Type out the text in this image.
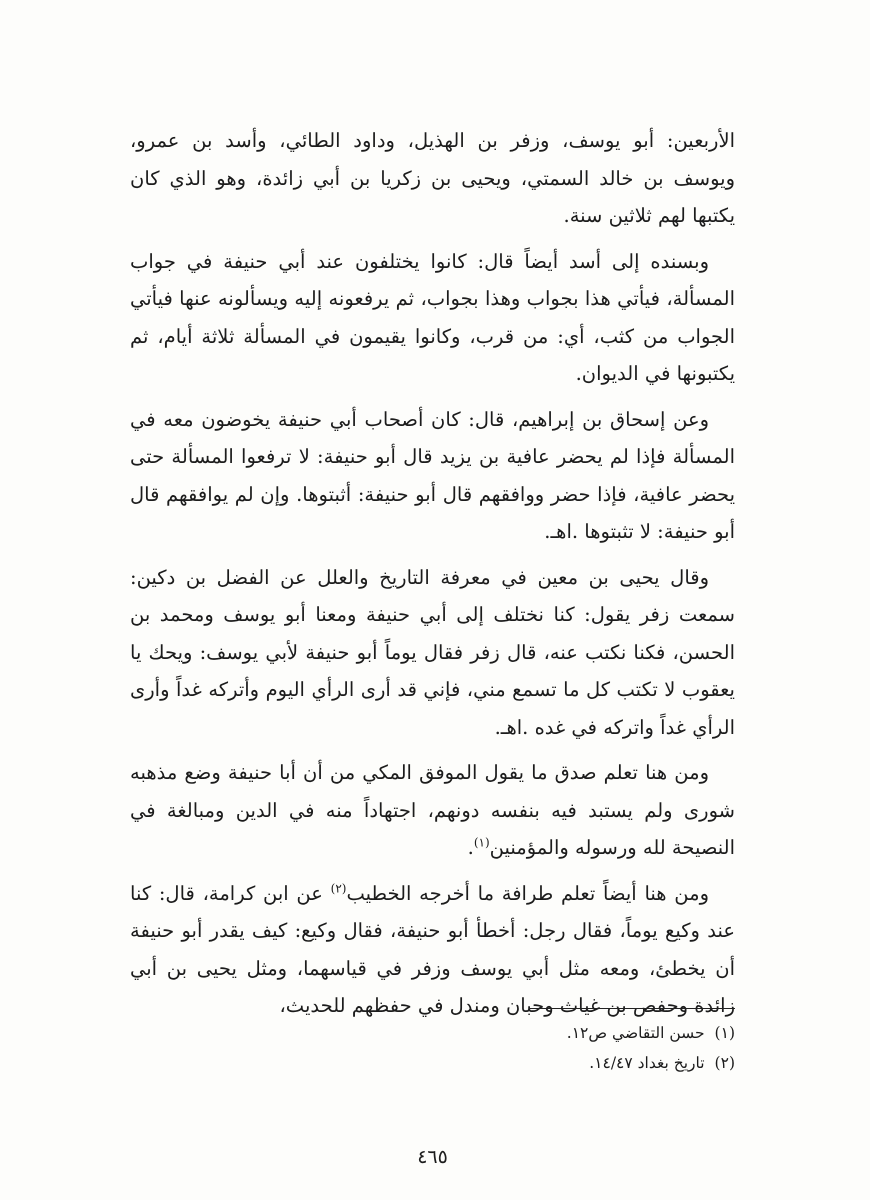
الأربعين: أبو يوسف، وزفر بن الهذيل، وداود الطائي، وأسد بن عمرو، ويوسف بن خالد السمتي، ويحيى بن زكريا بن أبي زائدة، وهو الذي كان يكتبها لهم ثلاثين سنة.

وبسنده إلى أسد أيضاً قال: كانوا يختلفون عند أبي حنيفة في جواب المسألة، فيأتي هذا بجواب وهذا بجواب، ثم يرفعونه إليه ويسألونه عنها فيأتي الجواب من كثب، أي: من قرب، وكانوا يقيمون في المسألة ثلاثة أيام، ثم يكتبونها في الديوان.

وعن إسحاق بن إبراهيم، قال: كان أصحاب أبي حنيفة يخوضون معه في المسألة فإذا لم يحضر عافية بن يزيد قال أبو حنيفة: لا ترفعوا المسألة حتى يحضر عافية، فإذا حضر ووافقهم قال أبو حنيفة: أثبتوها. وإن لم يوافقهم قال أبو حنيفة: لا تثبتوها .اهـ.

وقال يحيى بن معين في معرفة التاريخ والعلل عن الفضل بن دكين: سمعت زفر يقول: كنا نختلف إلى أبي حنيفة ومعنا أبو يوسف ومحمد بن الحسن، فكنا نكتب عنه، قال زفر فقال يوماً أبو حنيفة لأبي يوسف: ويحك يا يعقوب لا تكتب كل ما تسمع مني، فإني قد أرى الرأي اليوم وأتركه غداً وأرى الرأي غداً واتركه في غده .اهـ.

ومن هنا تعلم صدق ما يقول الموفق المكي من أن أبا حنيفة وضع مذهبه شورى ولم يستبد فيه بنفسه دونهم، اجتهاداً منه في الدين ومبالغة في النصيحة لله ورسوله والمؤمنين$^{(١)}$.

ومن هنا أيضاً تعلم طرافة ما أخرجه الخطيب$^{(٢)}$ عن ابن كرامة، قال: كنا عند وكيع يوماً، فقال رجل: أخطأ أبو حنيفة، فقال وكيع: كيف يقدر أبو حنيفة أن يخطئ، ومعه مثل أبي يوسف وزفر في قياسهما، ومثل يحيى بن أبي زائدة وحفص بن غياث وحبان ومندل في حفظهم للحديث،

(١)حسن التقاضي ص١٢.

(٢)تاريخ بغداد ١٤/٤٧.

٤٦٥
